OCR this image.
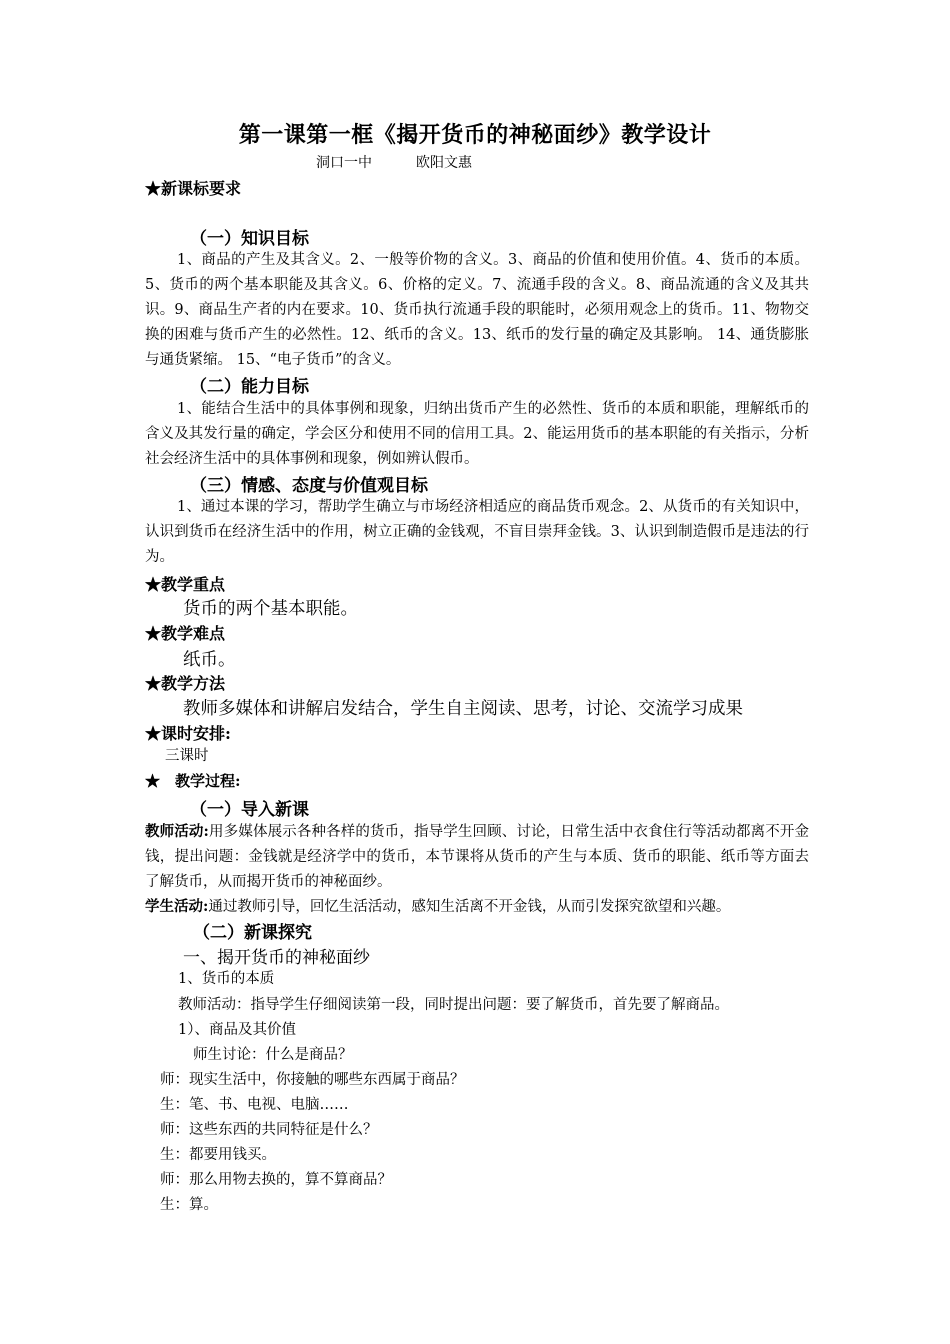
第一课第一框《揭开货币的神秘面纱》教学设计
洞口一中	欧阳文惠
★新课标要求
（一）知识目标
1、商品的产生及其含义。2、一般等价物的含义。3、商品的价值和使用价值。4、货币的本质。5、货币的两个基本职能及其含义。6、价格的定义。7、流通手段的含义。8、商品流通的含义及其共识。9、商品生产者的内在要求。10、货币执行流通手段的职能时，必须用观念上的货币。11、物物交换的困难与货币产生的必然性。12、纸币的含义。13、纸币的发行量的确定及其影响。 14、通货膨胀与通货紧缩。 15、“电子货币”的含义。
（二）能力目标
1、能结合生活中的具体事例和现象，归纳出货币产生的必然性、货币的本质和职能，理解纸币的含义及其发行量的确定，学会区分和使用不同的信用工具。2、能运用货币的基本职能的有关指示，分析社会经济生活中的具体事例和现象，例如辨认假币。
（三）情感、态度与价值观目标
1、通过本课的学习，帮助学生确立与市场经济相适应的商品货币观念。2、从货币的有关知识中，认识到货币在经济生活中的作用，树立正确的金钱观，不盲目崇拜金钱。3、认识到制造假币是违法的行为。
★教学重点
货币的两个基本职能。
★教学难点
纸币。
★教学方法
教师多媒体和讲解启发结合，学生自主阅读、思考，讨论、交流学习成果
★课时安排:
三课时
★　教学过程:
（一）导入新课
教师活动:用多媒体展示各种各样的货币，指导学生回顾、讨论，日常生活中衣食住行等活动都离不开金钱，提出问题：金钱就是经济学中的货币，本节课将从货币的产生与本质、货币的职能、纸币等方面去了解货币，从而揭开货币的神秘面纱。
学生活动:通过教师引导，回忆生活活动，感知生活离不开金钱，从而引发探究欲望和兴趣。
（二）新课探究
一、揭开货币的神秘面纱
1、货币的本质
教师活动：指导学生仔细阅读第一段，同时提出问题：要了解货币，首先要了解商品。
1）、商品及其价值
师生讨论：什么是商品？
师：现实生活中，你接触的哪些东西属于商品？
生：笔、书、电视、电脑……
师：这些东西的共同特征是什么？
生：都要用钱买。
师：那么用物去换的，算不算商品？
生：算。
